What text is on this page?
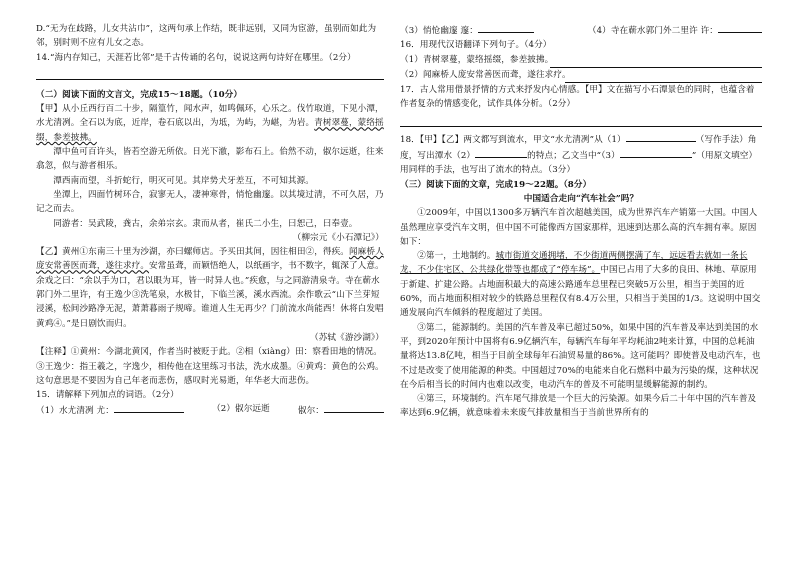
D.“无为在歧路，儿女共沾巾”，这两句承上作结，既非远别，又同为宦游，虽别而如此为邻，别时则不应有儿女之态。

14.“海内存知己，天涯若比邻”是千古传诵的名句，说说这两句诗好在哪里。（2分）

（二）阅读下面的文言文，完成15～18题。（10分）

【甲】从小丘西行百二十步，隔篁竹，闻水声，如鸣佩环，心乐之。伐竹取道，下见小潭，水尤清冽。全石以为底，近岸，卷石底以出，为坻，为屿，为嵁，为岩。青树翠蔓，蒙络摇缀，参差披拂。

潭中鱼可百许头，皆若空游无所依。日光下澈，影布石上。佁然不动，俶尔远逝，往来翕忽，似与游者相乐。

潭西南而望，斗折蛇行，明灭可见。其岸势犬牙差互，不可知其源。

坐潭上，四面竹树环合，寂寥无人，凄神寒骨，悄怆幽邃。以其境过清，不可久居，乃记之而去。

同游者：吴武陵，龚古，余弟宗玄。隶而从者，崔氏二小生，曰恕己，曰奉壹。

（柳宗元《小石潭记》）

【乙】黄州①东南三十里为沙湖，亦曰螺师店。予买田其间，因往相田②，得疾。闻麻桥人庞安常善医而聋，遂往求疗。安常虽聋，而颖悟绝人，以纸画字，书不数字，辄深了人意。余戏之曰：“余以手为口，君以眼为耳，皆一时异人也。”疾愈，与之同游清泉寺。寺在蕲水郭门外二里许，有王逸少③洗笔泉，水极甘，下临兰溪，溪水西流。余作歌云“山下兰芽短浸溪，松间沙路净无泥，萧萧暮雨子规啼。谁道人生无再少？门前流水尚能西！休将白发唱黄鸡④。”是日剧饮而归。

（苏轼《游沙湖》）

【注释】①黄州：今湖北黄冈，作者当时被贬于此。②相（xiàng）田：察看田地的情况。③王逸少：指王羲之，字逸少，相传他在这里练习书法，洗水成墨。④黄鸡：黄色的公鸡。这句意思是不要因为自己年老而悲伤，感叹时光易逝，年华老大而悲伤。

15．请解释下列加点的词语。（2分）

（1）水尤清冽 尤：	（2）俶尔远逝	俶尔：
（3）悄怆幽邃 邃：	（4）寺在蕲水郭门外二里许 许：

16．用现代汉语翻译下列句子。（4分）

（1）青树翠蔓，蒙络摇缀，参差披拂。

（2）闻麻桥人庞安常善医而聋，遂往求疗。

17．古人常用借景抒情的方式来抒发内心情感。【甲】文在描写小石潭景色的同时，也蕴含着作者复杂的情感变化，试作具体分析。（2分）

18．【甲】【乙】两文都写到流水，甲文“水尤清冽”从（1）	（写作手法）角度，写出潭水（2）	的特点；乙文当中“（3）	”（用原文填空）用同样的手法，也写出了流水的特点。（3分）

（三）阅读下面的文章，完成19～22题。（8分）

中国适合走向“汽车社会”吗？

①2009年，中国以1300多万辆汽车首次超越美国，成为世界汽车产销第一大国。中国人虽然理应享受汽车文明，但中国不可能像西方国家那样，迅速到达那么高的汽车拥有率。原因如下：

②第一，土地制约。城市街道交通拥堵，不少街道两侧摆满了车，远远看去就如一条长龙，不少住宅区、公共绿化带等也都成了“停车场”。中国已占用了大多的良田、林地、草原用于新建、扩建公路。占地面积最大的高速公路通车总里程已突破5万公里，相当于美国的近60%，而占地面积相对较少的铁路总里程仅有8.4万公里，只相当于美国的1/3。这说明中国交通发展向汽车倾斜的程度超过了美国。

③第二，能源制约。美国的汽车普及率已超过50%，如果中国的汽车普及率达到美国的水平，到2020年预计中国将有6.9亿辆汽车，每辆汽车每年平均耗油2吨来计算，中国的总耗油量将达13.8亿吨，相当于目前全球每年石油贸易量的86%。这可能吗？即使普及电动汽车，也不过是改变了使用能源的种类。中国超过70%的电能来自化石燃料中最为污染的煤，这种状况在今后相当长的时间内也难以改变，电动汽车的普及不可能明显缓解能源的制约。

④第三，环境制约。汽车尾气排放是一个巨大的污染源。如果今后二十年中国的汽车普及率达到6.9亿辆，就意味着未来废气排放量相当于当前世界所有的
